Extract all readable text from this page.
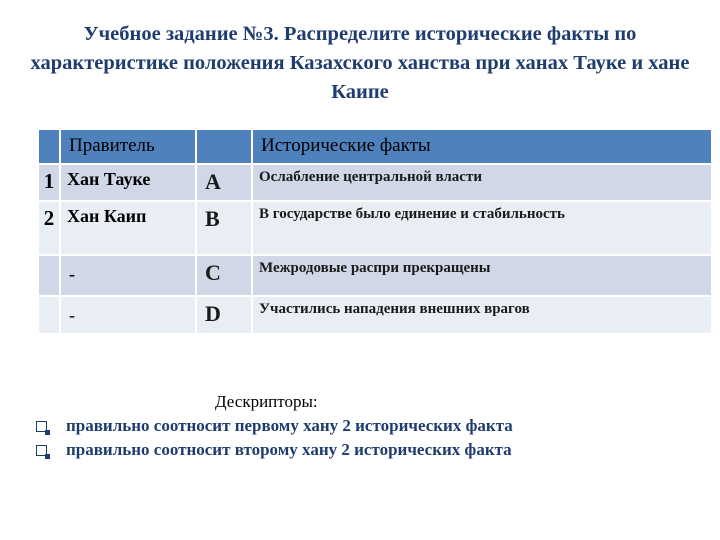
Учебное задание №3. Распределите исторические факты по характеристике положения Казахского ханства при ханах Тауке и хане Каипе
	Правитель		Исторические факты
1	Хан Тауке	А	Ослабление центральной власти
2	Хан Каип	В	В государстве было единение и стабильность
	-	С	Межродовые распри прекращены
	-	D	Участились нападения внешних врагов
Дескрипторы:
правильно соотносит первому хану 2 исторических факта
правильно соотносит второму хану 2 исторических факта
